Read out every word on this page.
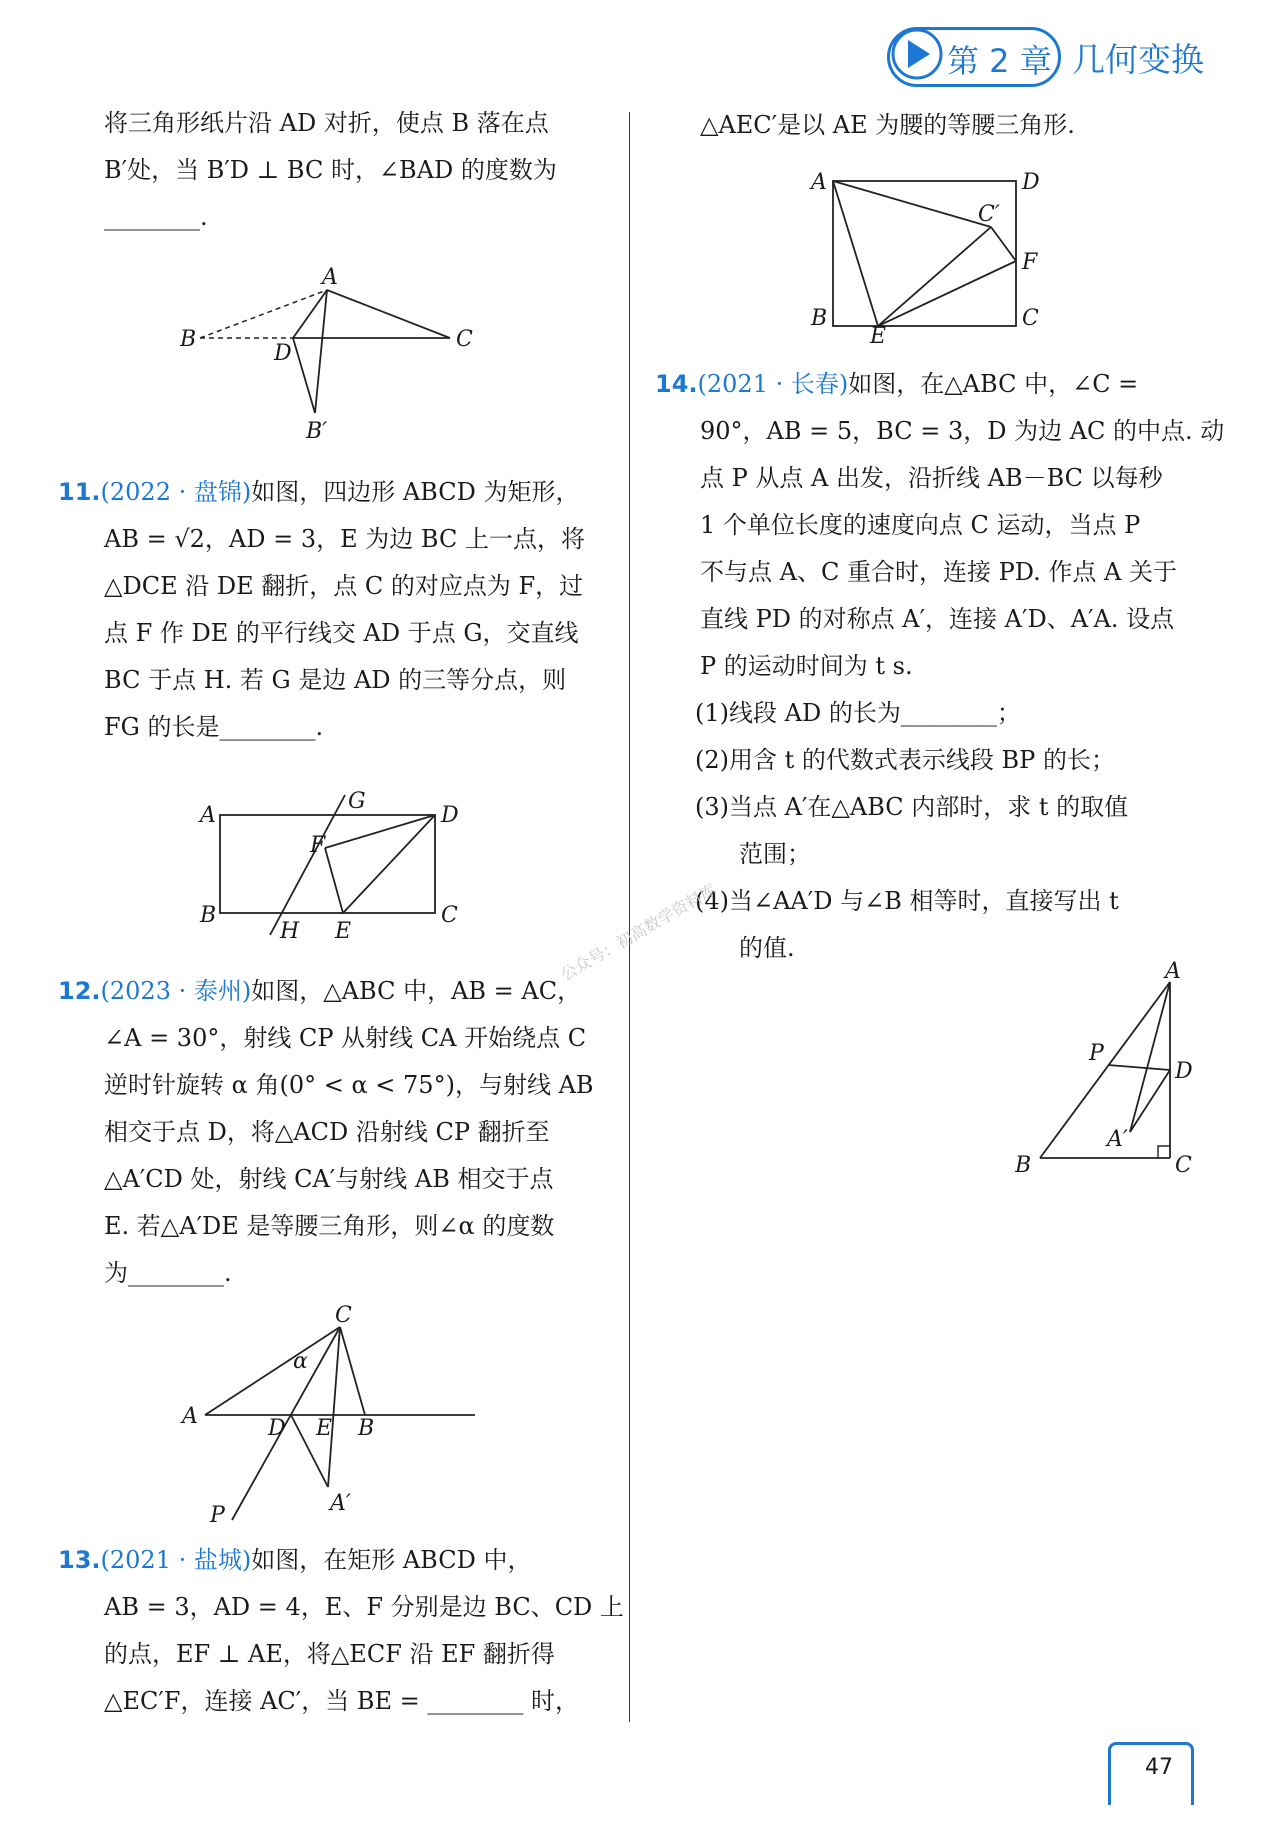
第 2 章 几何变换

将三角形纸片沿 AD 对折，使点 B 落在点

B′处，当 B′D ⊥ BC 时，∠BAD 的度数为

________.

A
B	C
D
B′

11.(2022 · 盘锦)如图，四边形 ABCD 为矩形，

AB = √2，AD = 3，E 为边 BC 上一点，将

△DCE 沿 DE 翻折，点 C 的对应点为 F，过

点 F 作 DE 的平行线交 AD 于点 G，交直线

BC 于点 H. 若 G 是边 AD 的三等分点，则

FG 的长是________.

A
B	C
D
E
F
G
H

12.(2023 · 泰州)如图，△ABC 中，AB = AC，

∠A = 30°，射线 CP 从射线 CA 开始绕点 C

逆时针旋转 α 角(0° < α < 75°)，与射线 AB

相交于点 D，将△ACD 沿射线 CP 翻折至

△A′CD 处，射线 CA′与射线 AB 相交于点

E. 若△A′DE 是等腰三角形，则∠α 的度数

为________.

C
A	D E B
P	A′
α

13.(2021 · 盐城)如图，在矩形 ABCD 中，

AB = 3，AD = 4，E、F 分别是边 BC、CD 上

的点，EF ⊥ AE，将△ECF 沿 EF 翻折得

△EC′F，连接 AC′，当 BE = ________ 时，

△AEC′是以 AE 为腰的等腰三角形.

A	D
B	C
E
F
C′

14.(2021 · 长春)如图，在△ABC 中，∠C =

90°，AB = 5，BC = 3，D 为边 AC 的中点. 动

点 P 从点 A 出发，沿折线 AB－BC 以每秒

1 个单位长度的速度向点 C 运动，当点 P

不与点 A、C 重合时，连接 PD. 作点 A 关于

直线 PD 的对称点 A′，连接 A′D、A′A. 设点

P 的运动时间为 t s.

(1)线段 AD 的长为________；

(2)用含 t 的代数式表示线段 BP 的长；

(3)当点 A′在△ABC 内部时，求 t 的取值

范围；

(4)当∠AA′D 与∠B 相等时，直接写出 t

的值.

A
B	C
D
P
A′
公众号：初高数学资料库
47
